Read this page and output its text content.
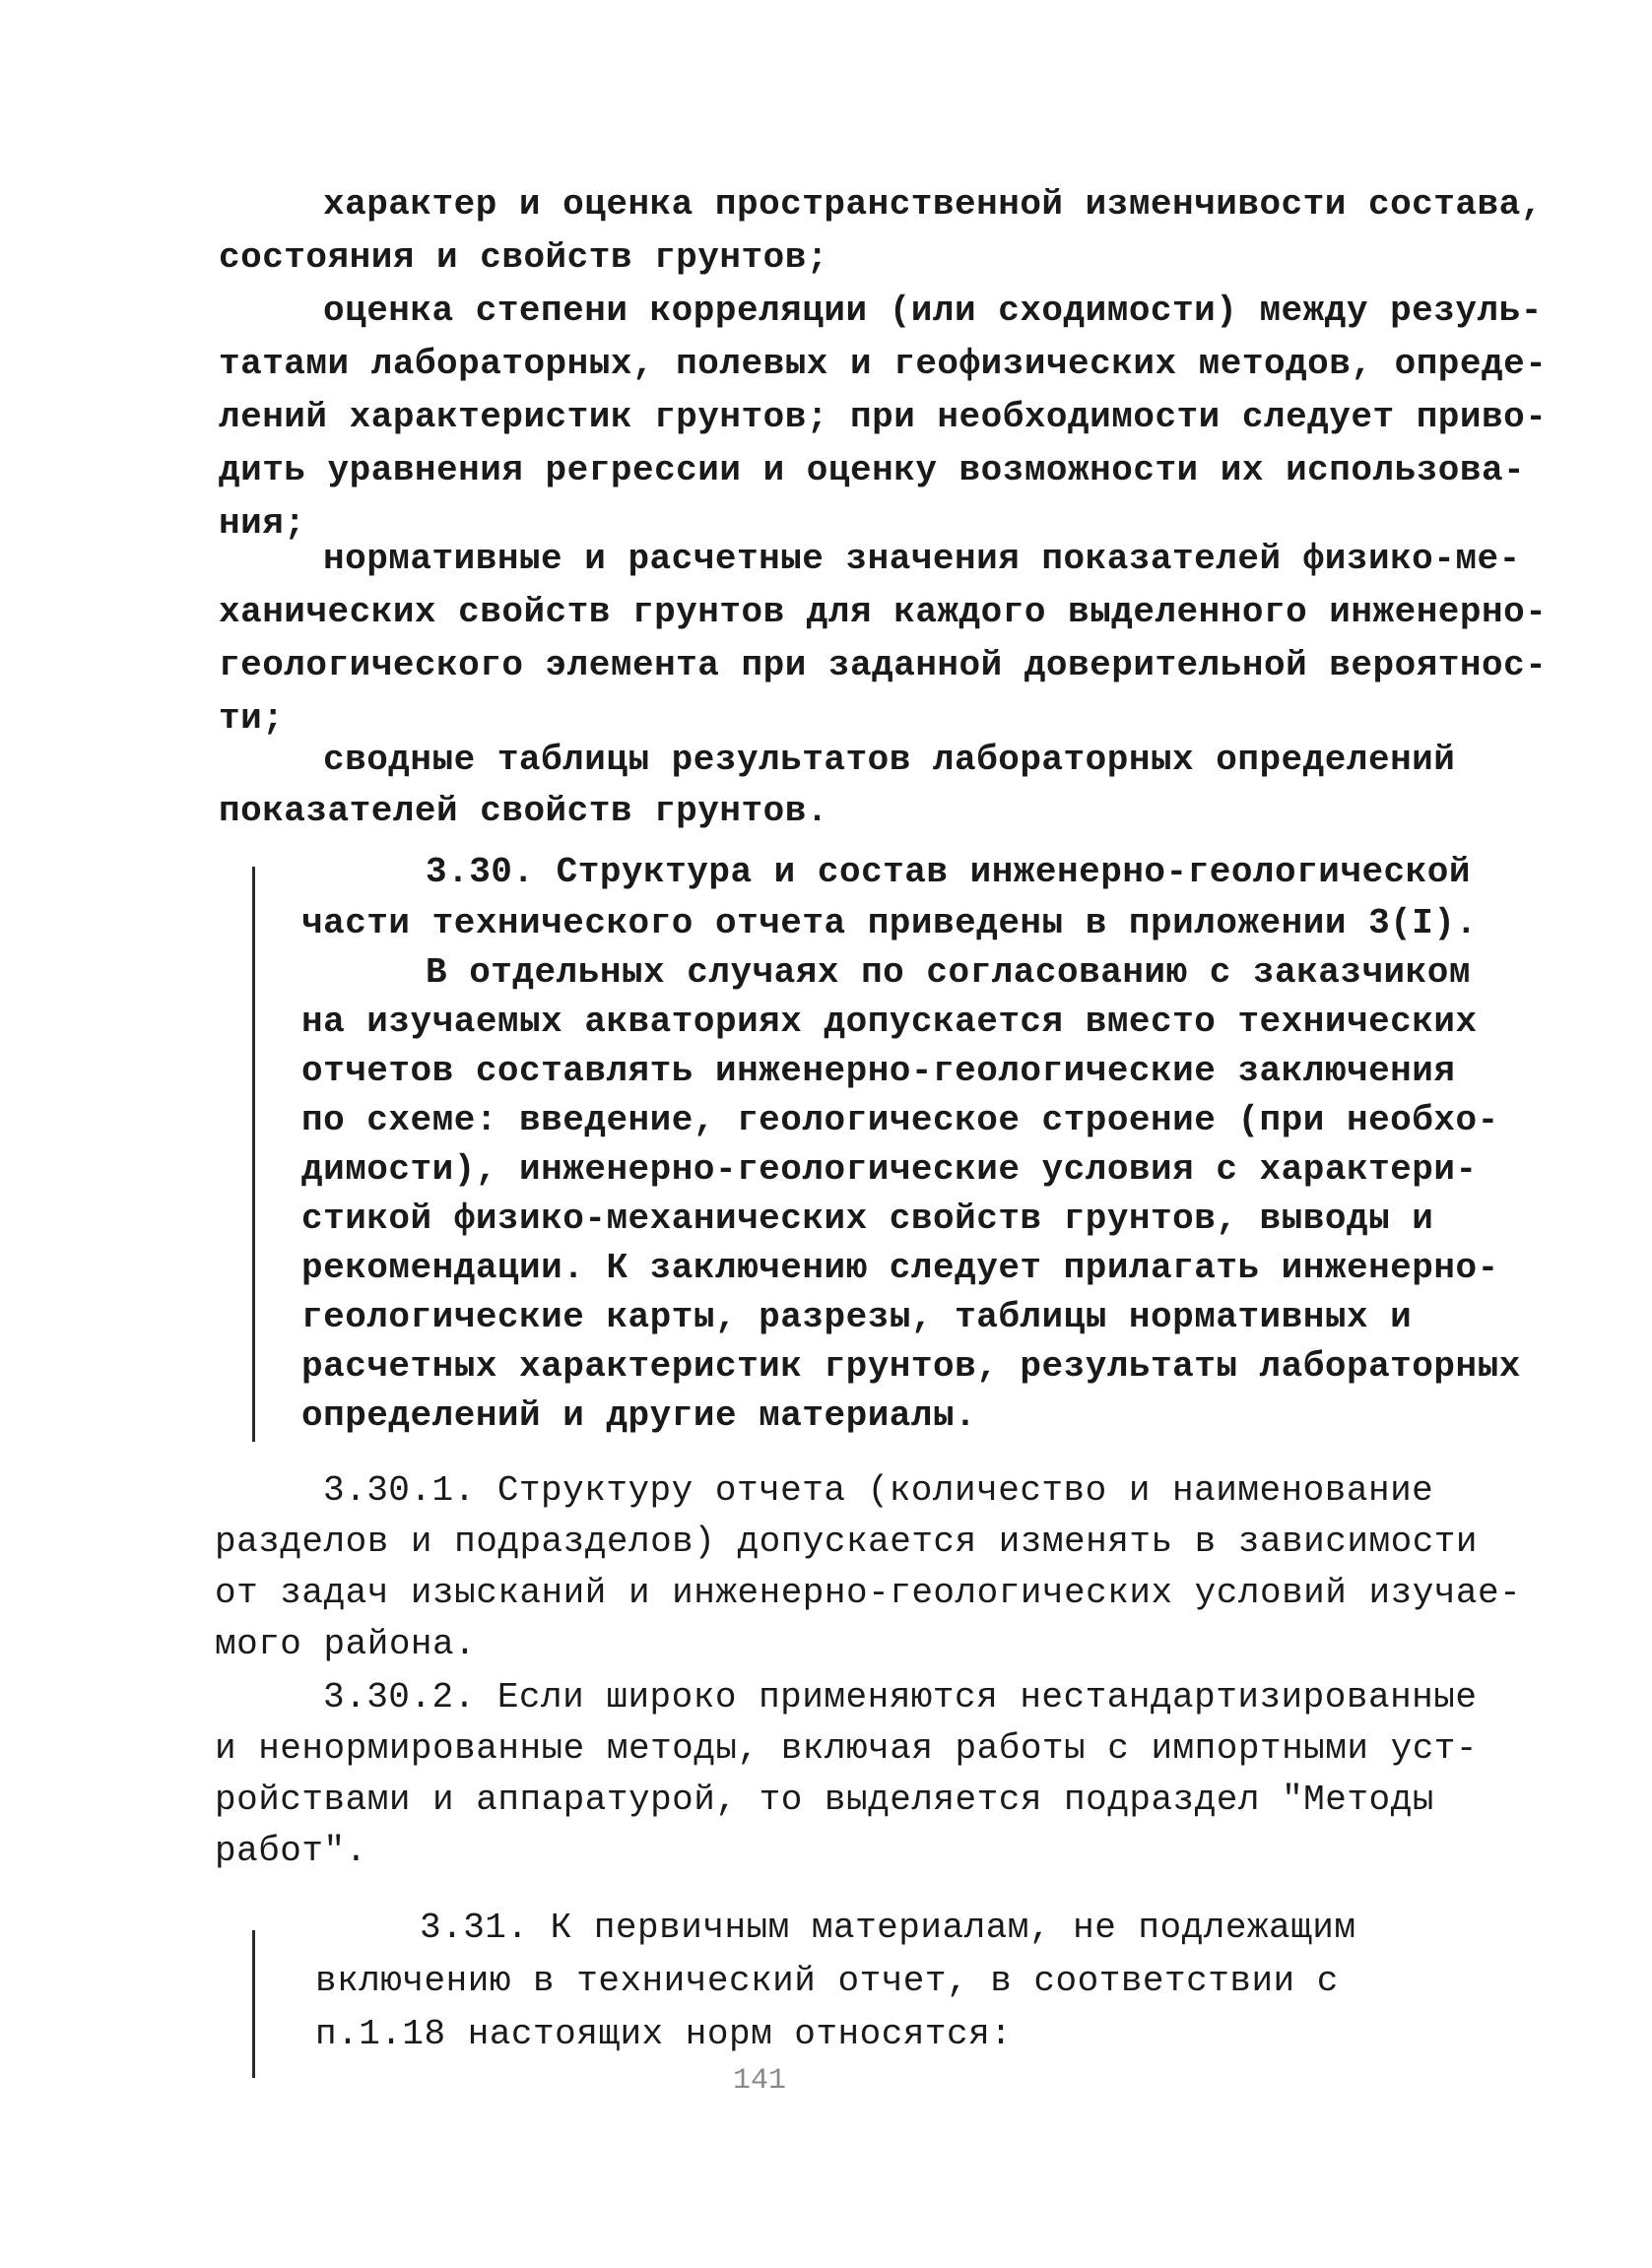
характер и оценка пространственной изменчивости состава,
состояния и свойств грунтов;
оценка степени корреляции (или сходимости) между резуль-
татами лабораторных, полевых и геофизических методов, опреде-
лений характеристик грунтов; при необходимости следует приво-
дить уравнения регрессии и оценку возможности их использова-
ния;
нормативные и расчетные значения показателей физико-ме-
ханических свойств грунтов для каждого выделенного инженерно-
геологического элемента при заданной доверительной вероятнос-
ти;
сводные таблицы результатов лабораторных определений
показателей свойств грунтов.
3.30. Структура и состав инженерно-геологической
части технического отчета приведены в приложении 3(I).
В отдельных случаях по согласованию с заказчиком
на изучаемых акваториях допускается вместо технических
отчетов составлять инженерно-геологические заключения
по схеме: введение, геологическое строение (при необхо-
димости), инженерно-геологические условия с характери-
стикой физико-механических свойств грунтов, выводы и
рекомендации. К заключению следует прилагать инженерно-
геологические карты, разрезы, таблицы нормативных и
расчетных характеристик грунтов, результаты лабораторных
определений и другие материалы.
3.30.1. Структуру отчета (количество и наименование
разделов и подразделов) допускается изменять в зависимости
от задач изысканий и инженерно-геологических условий изучае-
мого района.
3.30.2. Если широко применяются нестандартизированные
и ненормированные методы, включая работы с импортными уст-
ройствами и аппаратурой, то выделяется подраздел "Методы
работ".
3.31. К первичным материалам, не подлежащим
включению в технический отчет, в соответствии с
п.1.18 настоящих норм относятся:
141
